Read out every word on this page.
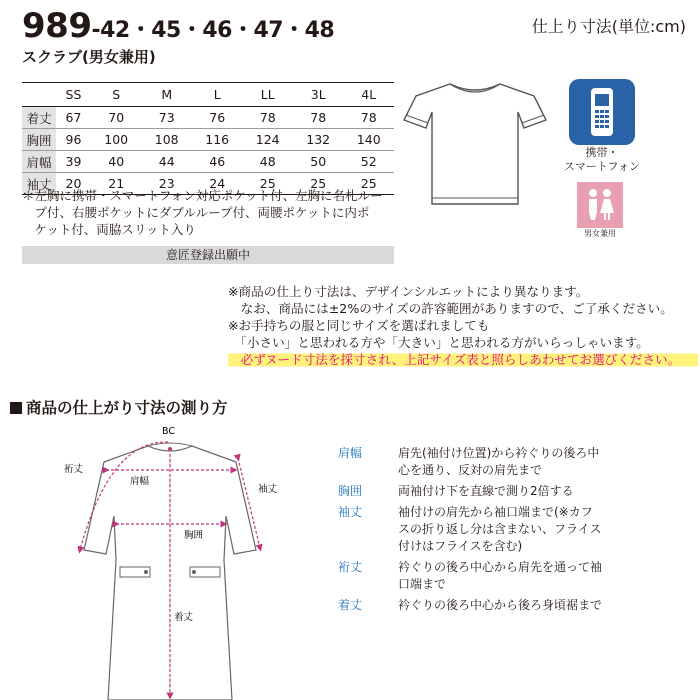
989-42・45・46・47・48
スクラブ(男女兼用)
仕上り寸法(単位:cm)
	SS	S	M	L	LL	3L	4L
着丈	67	70	73	76	78	78	78
胸囲	96	100	108	116	124	132	140
肩幅	39	40	44	46	48	50	52
袖丈	20	21	23	24	25	25	25
＊左胸に携帯・スマートフォン対応ポケット付、左胸に名札ルー
　プ付、右腰ポケットにダブルループ付、両腰ポケットに内ポ
　ケット付、両脇スリット入り
意匠登録出願中
携帯・
スマートフォン
男女兼用
※商品の仕上り寸法は、デザインシルエットにより異なります。
　なお、商品には±2%のサイズの許容範囲がありますので、ご了承ください。
※お手持ちの服と同じサイズを選ばれましても
　「小さい」と思われる方や「大きい」と思われる方がいらっしゃいます。
　必ずヌード寸法を採寸され、上記サイズ表と照らしあわせてお選びください。
商品の仕上がり寸法の測り方
BC
裄丈
肩幅
袖丈
胸囲
着丈
肩幅	肩先(袖付け位置)から衿ぐりの後ろ中
心を通り、反対の肩先まで
胸囲	両袖付け下を直線で測り2倍する
袖丈	袖付けの肩先から袖口端まで(※カフ
スの折り返し分は含まない、フライス
付けはフライスを含む)
裄丈	衿ぐりの後ろ中心から肩先を通って袖
口端まで
着丈	衿ぐりの後ろ中心から後ろ身頃裾まで
